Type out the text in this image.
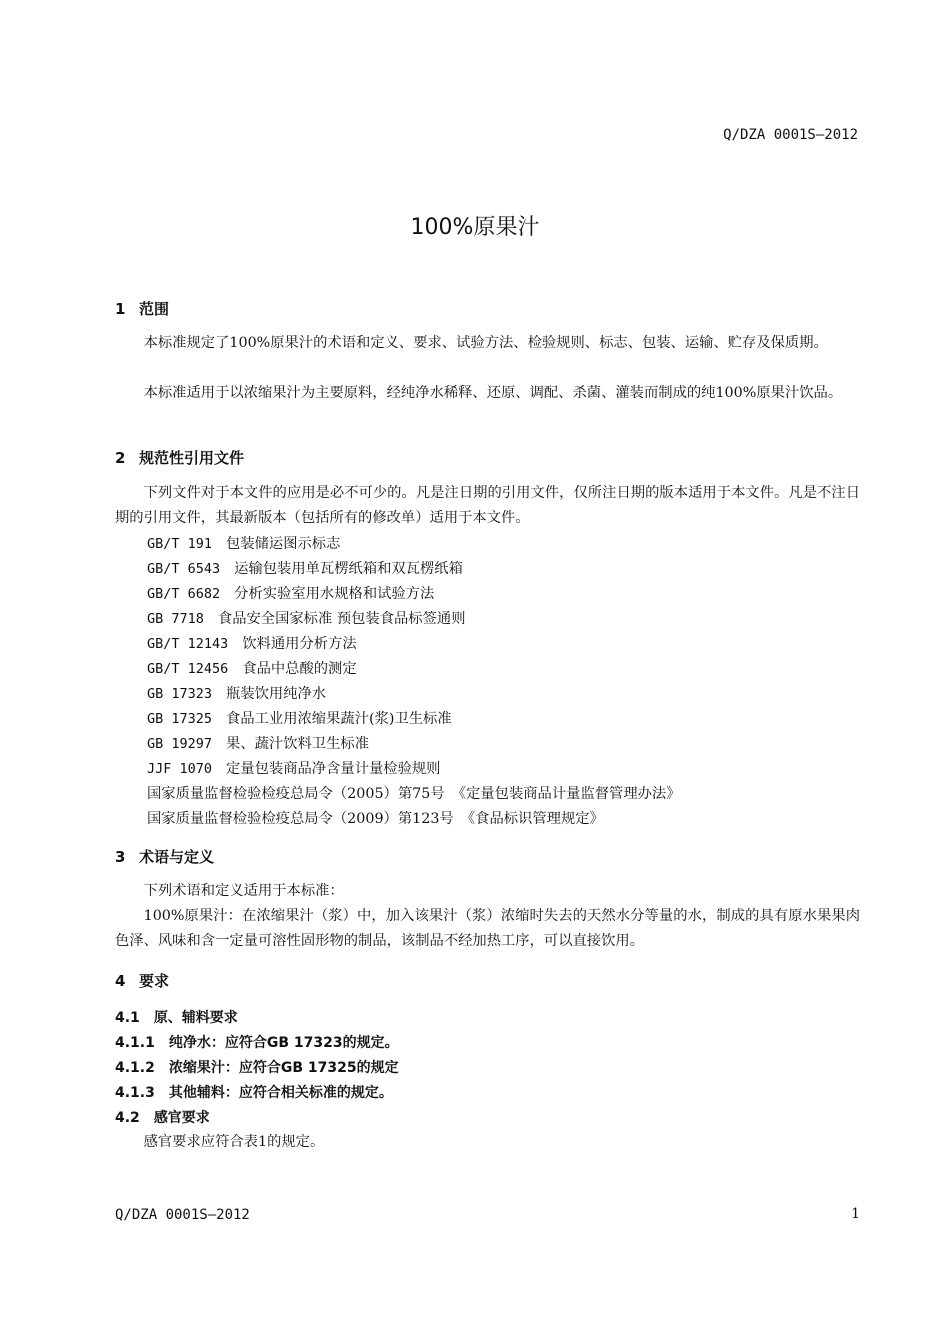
Q/DZA 0001S—2012
100%原果汁
1 范围
本标准规定了100%原果汁的术语和定义、要求、试验方法、检验规则、标志、包装、运输、贮存及保质期。
本标准适用于以浓缩果汁为主要原料，经纯净水稀释、还原、调配、杀菌、灌装而制成的纯100%原果汁饮品。
2 规范性引用文件
下列文件对于本文件的应用是必不可少的。凡是注日期的引用文件，仅所注日期的版本适用于本文件。凡是不注日期的引用文件，其最新版本（包括所有的修改单）适用于本文件。
GB/T 191 包装储运图示标志
GB/T 6543 运输包装用单瓦楞纸箱和双瓦楞纸箱
GB/T 6682 分析实验室用水规格和试验方法
GB 7718 食品安全国家标准 预包装食品标签通则
GB/T 12143 饮料通用分析方法
GB/T 12456 食品中总酸的测定
GB 17323 瓶装饮用纯净水
GB 17325 食品工业用浓缩果蔬汁(浆)卫生标准
GB 19297 果、蔬汁饮料卫生标准
JJF 1070 定量包装商品净含量计量检验规则
国家质量监督检验检疫总局令（2005）第75号　《定量包装商品计量监督管理办法》
国家质量监督检验检疫总局令（2009）第123号　《食品标识管理规定》
3 术语与定义
下列术语和定义适用于本标准：
100%原果汁：在浓缩果汁（浆）中，加入该果汁（浆）浓缩时失去的天然水分等量的水，制成的具有原水果果肉色泽、风味和含一定量可溶性固形物的制品，该制品不经加热工序，可以直接饮用。
4 要求
4.1 原、辅料要求
4.1.1 纯净水：应符合GB 17323的规定。
4.1.2 浓缩果汁：应符合GB 17325的规定
4.1.3 其他辅料：应符合相关标准的规定。
4.2 感官要求
感官要求应符合表1的规定。
Q/DZA 0001S—2012	1
